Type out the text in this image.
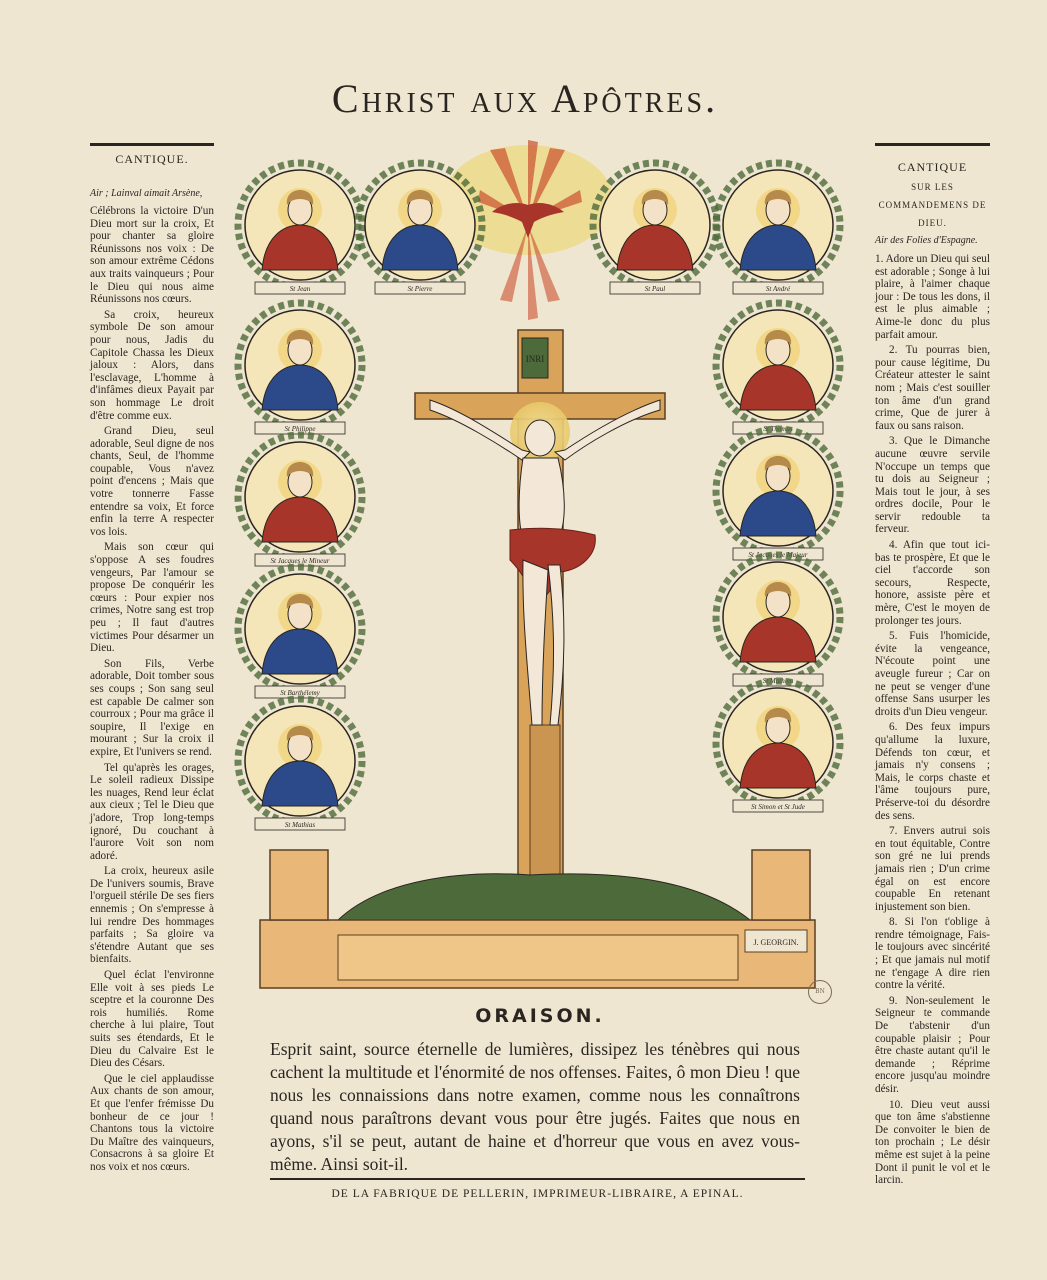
Christ aux Apôtres.
CANTIQUE.
Air ; Lainval aimait Arsène,

Célébrons la victoire D'un Dieu mort sur la croix, Et pour chanter sa gloire Réunissons nos voix : De son amour extrême Cédons aux traits vainqueurs ; Pour le Dieu qui nous aime Réunissons nos cœurs.

Sa croix, heureux symbole De son amour pour nous, Jadis du Capitole Chassa les Dieux jaloux : Alors, dans l'esclavage, L'homme à d'infâmes dieux Payait par son hommage Le droit d'être comme eux.

Grand Dieu, seul adorable, Seul digne de nos chants, Seul, de l'homme coupable, Vous n'avez point d'encens ; Mais que votre tonnerre Fasse entendre sa voix, Et force enfin la terre A respecter vos lois.

Mais son cœur qui s'oppose A ses foudres vengeurs, Par l'amour se propose De conquérir les cœurs : Pour expier nos crimes, Notre sang est trop peu ; Il faut d'autres victimes Pour désarmer un Dieu.

Son Fils, Verbe adorable, Doit tomber sous ses coups ; Son sang seul est capable De calmer son courroux ; Pour ma grâce il soupire, Il l'exige en mourant ; Sur la croix il expire, Et l'univers se rend.

Tel qu'après les orages, Le soleil radieux Dissipe les nuages, Rend leur éclat aux cieux ; Tel le Dieu que j'adore, Trop long-temps ignoré, Du couchant à l'aurore Voit son nom adoré.

La croix, heureux asile De l'univers soumis, Brave l'orgueil stérile De ses fiers ennemis ; On s'empresse à lui rendre Des hommages parfaits ; Sa gloire va s'étendre Autant que ses bienfaits.

Quel éclat l'environne Elle voit à ses pieds Le sceptre et la couronne Des rois humiliés. Rome cherche à lui plaire, Tout suits ses étendards, Et le Dieu du Calvaire Est le Dieu des Césars.

Que le ciel applaudisse Aux chants de son amour, Et que l'enfer frémisse Du bonheur de ce jour ! Chantons tous la victoire Du Maître des vainqueurs, Consacrons à sa gloire Et nos voix et nos cœurs.

CANTIQUE
SUR LES COMMANDEMENS DE DIEU.
Air des Folies d'Espagne.

1. Adore un Dieu qui seul est adorable ; Songe à lui plaire, à l'aimer chaque jour : De tous les dons, il est le plus aimable ; Aime-le donc du plus parfait amour.

2. Tu pourras bien, pour cause légitime, Du Créateur attester le saint nom ; Mais c'est souiller ton âme d'un grand crime, Que de jurer à faux ou sans raison.

3. Que le Dimanche aucune œuvre servile N'occupe un temps que tu dois au Seigneur ; Mais tout le jour, à ses ordres docile, Pour le servir redouble ta ferveur.

4. Afin que tout ici-bas te prospère, Et que le ciel t'accorde son secours, Respecte, honore, assiste père et mère, C'est le moyen de prolonger tes jours.

5. Fuis l'homicide, évite la vengeance, N'écoute point une aveugle fureur ; Car on ne peut se venger d'une offense Sans usurper les droits d'un Dieu vengeur.

6. Des feux impurs qu'allume la luxure, Défends ton cœur, et jamais n'y consens ; Mais, le corps chaste et l'âme toujours pure, Préserve-toi du désordre des sens.

7. Envers autrui sois en tout équitable, Contre son gré ne lui prends jamais rien ; D'un crime égal on est encore coupable En retenant injustement son bien.

8. Si l'on t'oblige à rendre témoignage, Fais-le toujours avec sincérité ; Et que jamais nul motif ne t'engage A dire rien contre la vérité.

9. Non-seulement le Seigneur te commande De t'abstenir d'un coupable plaisir ; Pour être chaste autant qu'il le demande ; Réprime encore jusqu'au moindre désir.

10. Dieu veut aussi que ton âme s'abstienne De convoiter le bien de ton prochain ; Le désir même est sujet à la peine Dont il punit le vol et le larcin.

INRI
J. GEORGIN.
St Jean	St Pierre	St Paul	St André
St Philippe
St Jacques le Mineur
St Barthélemy
St Mathias
St Thomas
St Jacques le Majeur
St Mathieu
St Simon et St Jude
BN
ORAISON.
Esprit saint, source éternelle de lumières, dissipez les ténèbres qui nous cachent la multitude et l'énormité de nos offenses. Faites, ô mon Dieu ! que nous les connaissions dans notre examen, comme nous les connaîtrons quand nous paraîtrons devant vous pour être jugés. Faites que nous en ayons, s'il se peut, autant de haine et d'horreur que vous en avez vous-même. Ainsi soit-il.
DE LA FABRIQUE DE PELLERIN, IMPRIMEUR-LIBRAIRE, A EPINAL.
